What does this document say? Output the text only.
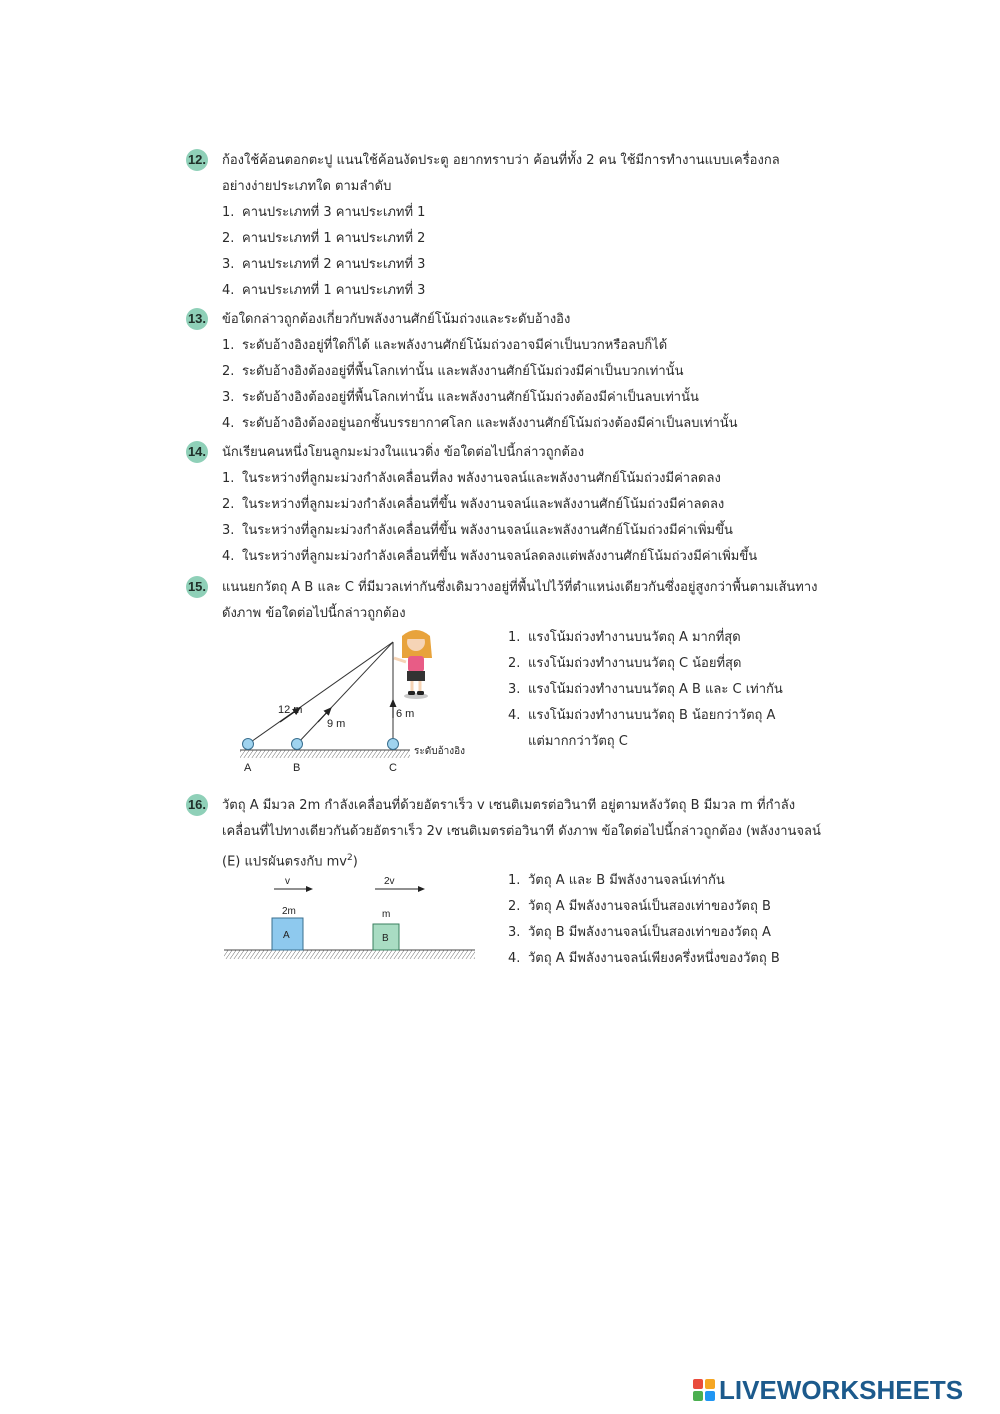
12. ก้องใช้ค้อนตอกตะปู แนนใช้ค้อนงัดประตู อยากทราบว่า ค้อนที่ทั้ง 2 คน ใช้มีการทำงานแบบเครื่องกล
อย่างง่ายประเภทใด ตามลำดับ
1. คานประเภทที่ 3 คานประเภทที่ 1
2. คานประเภทที่ 1 คานประเภทที่ 2
3. คานประเภทที่ 2 คานประเภทที่ 3
4. คานประเภทที่ 1 คานประเภทที่ 3
13. ข้อใดกล่าวถูกต้องเกี่ยวกับพลังงานศักย์โน้มถ่วงและระดับอ้างอิง
1. ระดับอ้างอิงอยู่ที่ใดก็ได้ และพลังงานศักย์โน้มถ่วงอาจมีค่าเป็นบวกหรือลบก็ได้
2. ระดับอ้างอิงต้องอยู่ที่พื้นโลกเท่านั้น และพลังงานศักย์โน้มถ่วงมีค่าเป็นบวกเท่านั้น
3. ระดับอ้างอิงต้องอยู่ที่พื้นโลกเท่านั้น และพลังงานศักย์โน้มถ่วงต้องมีค่าเป็นลบเท่านั้น
4. ระดับอ้างอิงต้องอยู่นอกชั้นบรรยากาศโลก และพลังงานศักย์โน้มถ่วงต้องมีค่าเป็นลบเท่านั้น
14. นักเรียนคนหนึ่งโยนลูกมะม่วงในแนวดิ่ง ข้อใดต่อไปนี้กล่าวถูกต้อง
1. ในระหว่างที่ลูกมะม่วงกำลังเคลื่อนที่ลง พลังงานจลน์และพลังงานศักย์โน้มถ่วงมีค่าลดลง
2. ในระหว่างที่ลูกมะม่วงกำลังเคลื่อนที่ขึ้น พลังงานจลน์และพลังงานศักย์โน้มถ่วงมีค่าลดลง
3. ในระหว่างที่ลูกมะม่วงกำลังเคลื่อนที่ขึ้น พลังงานจลน์และพลังงานศักย์โน้มถ่วงมีค่าเพิ่มขึ้น
4. ในระหว่างที่ลูกมะม่วงกำลังเคลื่อนที่ขึ้น พลังงานจลน์ลดลงแต่พลังงานศักย์โน้มถ่วงมีค่าเพิ่มขึ้น
15. แนนยกวัตถุ A B และ C ที่มีมวลเท่ากันซึ่งเดิมวางอยู่ที่พื้นไปไว้ที่ตำแหน่งเดียวกันซึ่งอยู่สูงกว่าพื้นตามเส้นทาง
ดังภาพ ข้อใดต่อไปนี้กล่าวถูกต้อง
12 m
9 m
6 m
A	B	C
ระดับอ้างอิง
1. แรงโน้มถ่วงทำงานบนวัตถุ A มากที่สุด
2. แรงโน้มถ่วงทำงานบนวัตถุ C น้อยที่สุด
3. แรงโน้มถ่วงทำงานบนวัตถุ A B และ C เท่ากัน
4. แรงโน้มถ่วงทำงานบนวัตถุ B น้อยกว่าวัตถุ A
แต่มากกว่าวัตถุ C
16. วัตถุ A มีมวล 2m กำลังเคลื่อนที่ด้วยอัตราเร็ว v เซนติเมตรต่อวินาที อยู่ตามหลังวัตถุ B มีมวล m ที่กำลัง
เคลื่อนที่ไปทางเดียวกันด้วยอัตราเร็ว 2v เซนติเมตรต่อวินาที ดังภาพ ข้อใดต่อไปนี้กล่าวถูกต้อง (พลังงานจลน์
(E) แปรผันตรงกับ $mv^2$)
v	2v
2m	m
A	B
1. วัตถุ A และ B มีพลังงานจลน์เท่ากัน
2. วัตถุ A มีพลังงานจลน์เป็นสองเท่าของวัตถุ B
3. วัตถุ B มีพลังงานจลน์เป็นสองเท่าของวัตถุ A
4. วัตถุ A มีพลังงานจลน์เพียงครึ่งหนึ่งของวัตถุ B
LIVEWORKSHEETS
